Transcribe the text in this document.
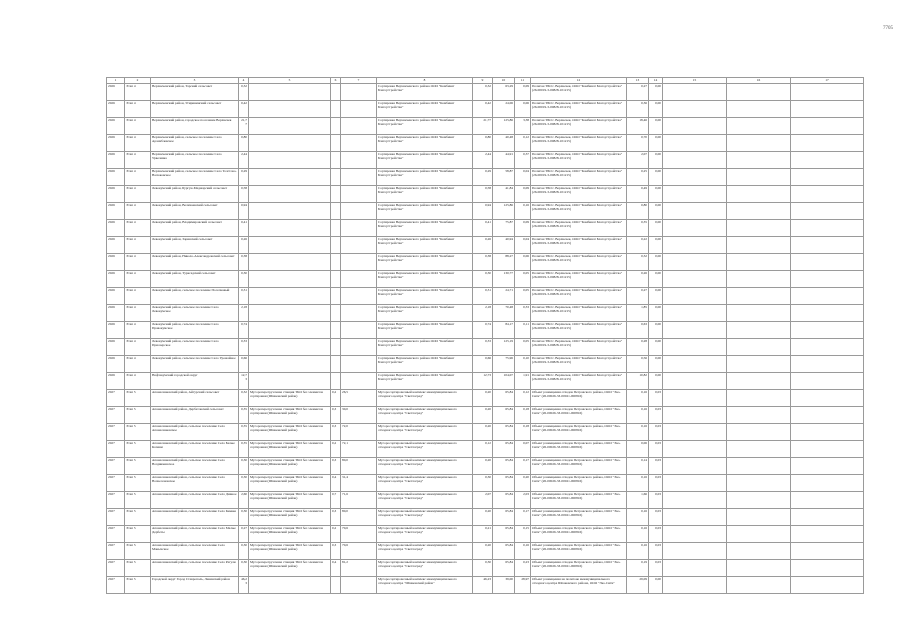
7705
1	2	3	4	5	6	7	8	9	10	11	12	13	14	15	16	17
2026	Этап 4	Верхнеченский район, Тарский сельсовет	0,32				Сортировка Верхнеченского района ООО "Комбинат Благоустройства"	0,32	63,29	0,09	Полигон ТБО г. Верхнечек, ООО "Комбинат Благоустройства" (26-00019-3-00828-101215)	0,27	0,00			
2026	Этап 4	Верхнеченский район, Усирининский сельсовет	0,42				Сортировка Верхнеченского района ООО "Комбинат Благоустройства"	0,42	24,06	0,06	Полигон ТБО г. Верхнечек, ООО "Комбинат Благоустройства" (26-00019-3-00828-101215)	0,36	0,00			
2026	Этап 4	Верхнеченский район, городское поселение Верхнечек	21,77				Сортировка Верхнеченского района ООО "Комбинат Благоустройства"	21,77	125,86	3,38	Полигон ТБО г. Верхнечек, ООО "Комбинат Благоустройства" (26-00019-3-00828-101215)	18,46	0,00			
2026	Этап 4	Верхнеченский район, сельское поселение Село Арзамблевское	0,80				Сортировка Верхнеченского района ООО "Комбинат Благоустройства"	0,80	40,48	0,12	Полигон ТБО г. Верхнечек, ООО "Комбинат Благоустройства" (26-00019-3-00828-101215)	0,70	0,00			
2026	Этап 4	Верхнеченский район, сельское поселение Село Урвелевка	2,44				Сортировка Верхнеченского района ООО "Комбинат Благоустройства"	2,44	44,91	0,37	Полигон ТБО г. Верхнечек, ООО "Комбинат Благоустройства" (26-00019-3-00828-101215)	2,07	0,00			
2026	Этап 4	Верхнеченский район, сельское поселение Село Толстово-Васюковское	0,29				Сортировка Верхнеченского района ООО "Комбинат Благоустройства"	0,29	58,87	0,04	Полигон ТБО г. Верхнечек, ООО "Комбинат Благоустройства" (26-00019-3-00828-101215)	0,25	0,00			
2026	Этап 4	Левокумский район, Бургун-Маджарский сельсовет	0,58				Сортировка Верхнеченского района ООО "Комбинат Благоустройства"	0,58	41,84	0,09	Полигон ТБО г. Верхнечек, ООО "Комбинат Благоустройства" (26-00019-3-00828-101215)	0,49	0,00			
2026	Этап 4	Левокумский район, Величаевский сельсовет	0,94				Сортировка Верхнеченского района ООО "Комбинат Благоустройства"	0,94	125,86	0,16	Полигон ТБО г. Верхнечек, ООО "Комбинат Благоустройства" (26-00019-3-00828-101215)	0,80	0,00			
2026	Этап 4	Левокумский район, Владимировский сельсовет	0,41				Сортировка Верхнеченского района ООО "Комбинат Благоустройства"	0,41	75,87	0,09	Полигон ТБО г. Верхнечек, ООО "Комбинат Благоустройства" (26-00019-3-00828-101215)	0,35	0,00			
2026	Этап 4	Левокумский район, Заринский сельсовет	0,26				Сортировка Верхнеченского района ООО "Комбинат Благоустройства"	0,26	40,94	0,04	Полигон ТБО г. Верхнечек, ООО "Комбинат Благоустройства" (26-00019-3-00828-101215)	0,22	0,00			
2026	Этап 4	Левокумский район, Николо-Александровский сельсовет	0,38				Сортировка Верхнеченского района ООО "Комбинат Благоустройства"	0,38	88,27	0,06	Полигон ТБО г. Верхнечек, ООО "Комбинат Благоустройства" (26-00019-3-00828-101215)	0,32	0,00			
2026	Этап 4	Левокумский район, Турксадский сельсовет	0,30				Сортировка Верхнеченского района ООО "Комбинат Благоустройства"	0,30	130,77	0,05	Полигон ТБО г. Верхнечек, ООО "Комбинат Благоустройства" (26-00019-3-00828-101215)	0,26	0,00			
2026	Этап 4	Левокумский район, сельское поселение Поселковый	0,31				Сортировка Верхнеченского района ООО "Комбинат Благоустройства"	0,31	24,71	0,05	Полигон ТБО г. Верхнечек, ООО "Комбинат Благоустройства" (26-00019-3-00828-101215)	0,27	0,00			
2026	Этап 4	Левокумский район, сельское поселение Село Левокумское	2,18				Сортировка Верхнеченского района ООО "Комбинат Благоустройства"	2,18	70,48	0,33	Полигон ТБО г. Верхнечек, ООО "Комбинат Благоустройства" (26-00019-3-00828-101215)	1,85	0,00			
2026	Этап 4	Левокумский район, сельское поселение Село Правокумское	0,74				Сортировка Верхнеченского района ООО "Комбинат Благоустройства"	0,74	84,17	0,11	Полигон ТБО г. Верхнечек, ООО "Комбинат Благоустройства" (26-00019-3-00828-101215)	0,63	0,00			
2026	Этап 4	Левокумский район, сельское поселение Село Приозерское	0,33				Сортировка Верхнеченского района ООО "Комбинат Благоустройства"	0,33	125,19	0,05	Полигон ТБО г. Верхнечек, ООО "Комбинат Благоустройства" (26-00019-3-00828-101215)	0,28	0,00			
2026	Этап 4	Левокумский район, сельское поселение Село Урожайное	0,66				Сортировка Верхнеченского района ООО "Комбинат Благоустройства"	0,66	75,96	0,10	Полигон ТБО г. Верхнечек, ООО "Комбинат Благоустройства" (26-00019-3-00828-101215)	0,56	0,00			
2026	Этап 4	Нефтекумский городской округ	12,73				Сортировка Верхнеченского района ООО "Комбинат Благоустройства"	12,73	104,07	1,91	Полигон ТБО г. Верхнечек, ООО "Комбинат Благоустройства" (26-00019-3-00828-101215)	10,82	0,00			
2027	Этап 5	Апанасенковский район, Айгурский сельсовет	0,32	Мусороперегрузочная станция ТКО без элементов сортировки (Шпаковский район)	0,2	26,5	Мусоросортировочный комплекс межмуниципального отходного центра "Светлоград"	0,20	65,84	0,12	Объект размещения отходов Петровского района, ООО "Эко-Сити" (26-00026-3З-00021-000816)	0,16	0,03			
2027	Этап 5	Апанасенковский район, Дербетовский сельсовет	0,35	Мусороперегрузочная станция ТКО без элементов сортировки (Шпаковский район)	0,3	30,0	Мусоросортировочный комплекс межмуниципального отходного центра "Светлоград"	0,20	65,84	0,18	Объект размещения отходов Петровского района, ООО "Эко-Сити" (26-00026-3З-00021-000816)	0,16	0,03			
2027	Этап 5	Апанасенковский район, сельское поселение Село Апанасенковское	0,35	Мусороперегрузочная станция ТКО без элементов сортировки (Шпаковский район)	0,3	72,0	Мусоросортировочный комплекс межмуниципального отходного центра "Светлоград"	0,20	65,84	0,18	Объект размещения отходов Петровского района, ООО "Эко-Сити" (26-00026-3З-00021-000816)	0,16	0,03			
2027	Этап 5	Апанасенковский район, сельское поселение Село Белые Копани	0,35	Мусороперегрузочная станция ТКО без элементов сортировки (Шпаковский район)	0,2	72,1	Мусоросортировочный комплекс межмуниципального отходного центра "Светлоград"	0,12	65,84	0,07	Объект размещения отходов Петровского района, ООО "Эко-Сити" (26-00026-3З-00021-000816)	0,06	0,03			
2027	Этап 5	Апанасенковский район, сельское поселение Село Воздвиженское	0,30	Мусороперегрузочная станция ТКО без элементов сортировки (Шпаковский район)	0,3	80,0	Мусоросортировочный комплекс межмуниципального отходного центра "Светлоград"	0,20	65,84	0,17	Объект размещения отходов Петровского района, ООО "Эко-Сити" (26-00026-3З-00021-000816)	0,14	0,03			
2027	Этап 5	Апанасенковский район, сельское поселение Село Вознесеновское	0,30	Мусороперегрузочная станция ТКО без элементов сортировки (Шпаковский район)	0,4	31,4	Мусоросортировочный комплекс межмуниципального отходного центра "Светлоград"	0,30	65,84	0,20	Объект размещения отходов Петровского района, ООО "Эко-Сити" (26-00026-3З-00021-000816)	0,16	0,03			
2027	Этап 5	Апанасенковский район, сельское поселение Село Дивное	2,60	Мусороперегрузочная станция ТКО без элементов сортировки (Шпаковский район)	0,7	71,6	Мусоросортировочный комплекс межмуниципального отходного центра "Светлоград"	2,07	65,84	2,03	Объект размещения отходов Петровского района, ООО "Эко-Сити" (26-00026-3З-00021-000816)	1,66	0,03			
2027	Этап 5	Апанасенковский район, сельское поселение Село Киевка	0,30	Мусороперегрузочная станция ТКО без элементов сортировки (Шпаковский район)	0,3	80,0	Мусоросортировочный комплекс межмуниципального отходного центра "Светлоград"	0,20	65,84	0,17	Объект размещения отходов Петровского района, ООО "Эко-Сити" (26-00026-3З-00021-000816)	0,16	0,03			
2027	Этап 5	Апанасенковский район, сельское поселение Село Малые Дербеты	0,27	Мусороперегрузочная станция ТКО без элементов сортировки (Шпаковский район)	0,2	70,6	Мусоросортировочный комплекс межмуниципального отходного центра "Светлоград"	0,21	65,84	0,15	Объект размещения отходов Петровского района, ООО "Эко-Сити" (26-00026-3З-00021-000816)	0,16	0,03			
2027	Этап 5	Апанасенковский район, сельское поселение Село Манычское	0,30	Мусороперегрузочная станция ТКО без элементов сортировки (Шпаковский район)	0,3	70,6	Мусоросортировочный комплекс межмуниципального отходного центра "Светлоград"	0,20	65,84	0,16	Объект размещения отходов Петровского района, ООО "Эко-Сити" (26-00026-3З-00021-000816)	0,16	0,03			
2027	Этап 5	Апанасенковский район, сельское поселение Село Рагули	0,30	Мусороперегрузочная станция ТКО без элементов сортировки (Шпаковский район)	0,4	81,2	Мусоросортировочный комплекс межмуниципального отходного центра "Светлоград"	0,30	65,84	0,23	Объект размещения отходов Петровского района, ООО "Эко-Сити" (26-00026-3З-00021-000816)	0,19	0,03			
2027	Этап 5	Городской округ Город Ставрополь, Ленинский район	46,23				Мусоросортировочный комплекс межмуниципального отходного центра "Шпаковский район"	46,23	39,00	28,97	Объект размещения на полигоне межмуниципального отходного центра Шпаковского района, ООО "Эко-Сити"	29,09	0,00			
